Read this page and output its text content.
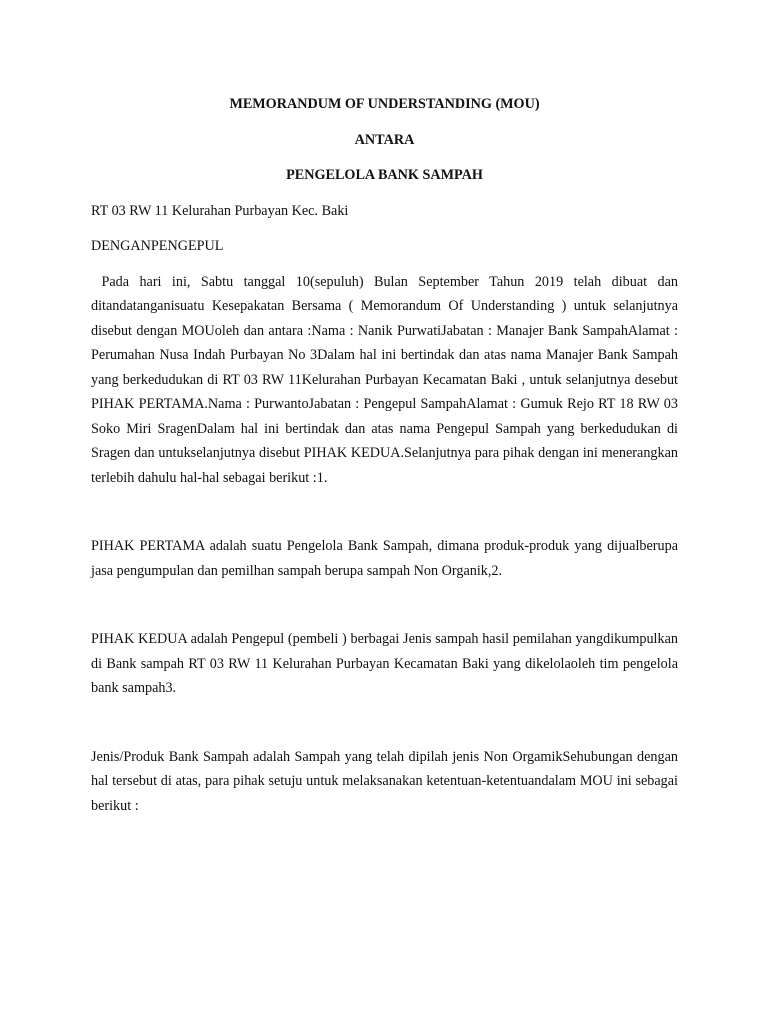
MEMORANDUM OF UNDERSTANDING (MOU)

ANTARA

PENGELOLA BANK SAMPAH

RT 03 RW 11 Kelurahan Purbayan Kec. Baki

DENGANPENGEPUL

Pada hari ini, Sabtu tanggal 10(sepuluh) Bulan September Tahun 2019 telah dibuat dan ditandatanganisuatu Kesepakatan Bersama ( Memorandum Of Understanding ) untuk selanjutnya disebut dengan MOUoleh dan antara :Nama : Nanik PurwatiJabatan : Manajer Bank SampahAlamat : Perumahan Nusa Indah Purbayan No 3Dalam hal ini bertindak dan atas nama Manajer Bank Sampah yang berkedudukan di RT 03 RW 11Kelurahan Purbayan Kecamatan Baki , untuk selanjutnya desebut PIHAK PERTAMA.Nama : PurwantoJabatan : Pengepul SampahAlamat : Gumuk Rejo RT 18 RW 03 Soko Miri SragenDalam hal ini bertindak dan atas nama Pengepul Sampah yang berkedudukan di Sragen dan untukselanjutnya disebut PIHAK KEDUA.Selanjutnya para pihak dengan ini menerangkan terlebih dahulu hal-hal sebagai berikut :1.

PIHAK PERTAMA adalah suatu Pengelola Bank Sampah, dimana produk-produk yang dijualberupa jasa pengumpulan dan pemilhan sampah berupa sampah Non Organik,2.

PIHAK KEDUA adalah Pengepul (pembeli ) berbagai Jenis sampah hasil pemilahan yangdikumpulkan di Bank sampah RT 03 RW 11 Kelurahan Purbayan Kecamatan Baki yang dikelolaoleh tim pengelola bank sampah3.

Jenis/Produk Bank Sampah adalah Sampah yang telah dipilah jenis Non OrgamikSehubungan dengan hal tersebut di atas, para pihak setuju untuk melaksanakan ketentuan-ketentuandalam MOU ini sebagai berikut :
